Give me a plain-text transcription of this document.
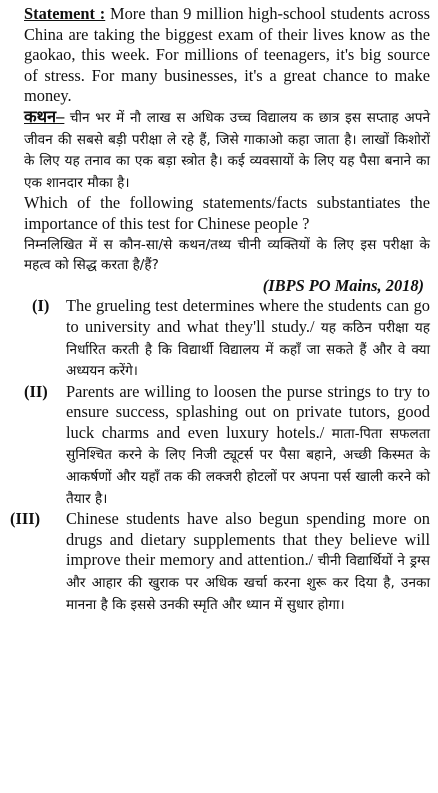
Statement : More than 9 million high-school students across China are taking the biggest exam of their lives know as the gaokao, this week. For millions of teenagers, it's big source of stress. For many businesses, it's a great chance to make money.
कथन– चीन भर में नौ लाख स अधिक उच्च विद्यालय क छात्र इस सप्ताह अपने जीवन की सबसे बड़ी परीक्षा ले रहे हैं, जिसे गाकाओ कहा जाता है। लाखों किशोरों के लिए यह तनाव का एक बड़ा स्त्रोत है। कई व्यवसायों के लिए यह पैसा बनाने का एक शानदार मौका है।
Which of the following statements/facts substantiates the importance of this test for Chinese people ?
निम्नलिखित में स कौन-सा/से कथन/तथ्य चीनी व्यक्तियों के लिए इस परीक्षा के महत्व को सिद्ध करता है/हैं?
(IBPS PO Mains, 2018)
(I)	The grueling test determines where the students can go to university and what they'll study./ यह कठिन परीक्षा यह निर्धारित करती है कि विद्यार्थी विद्यालय में कहाँ जा सकते हैं और वे क्या अध्ययन करेंगे।
(II)	Parents are willing to loosen the purse strings to try to ensure success, splashing out on private tutors, good luck charms and even luxury hotels./ माता-पिता सफलता सुनिश्चित करने के लिए निजी ट्यूटर्स पर पैसा बहाने, अच्छी किस्मत के आकर्षणों और यहाँ तक की लक्जरी होटलों पर अपना पर्स खाली करने को तैयार है।
(III)	Chinese students have also begun spending more on drugs and dietary supplements that they believe will improve their memory and attention./ चीनी विद्यार्थियों ने ड्रग्स और आहार की खुराक पर अधिक खर्चा करना शुरू कर दिया है, उनका मानना है कि इससे उनकी स्मृति और ध्यान में सुधार होगा।
